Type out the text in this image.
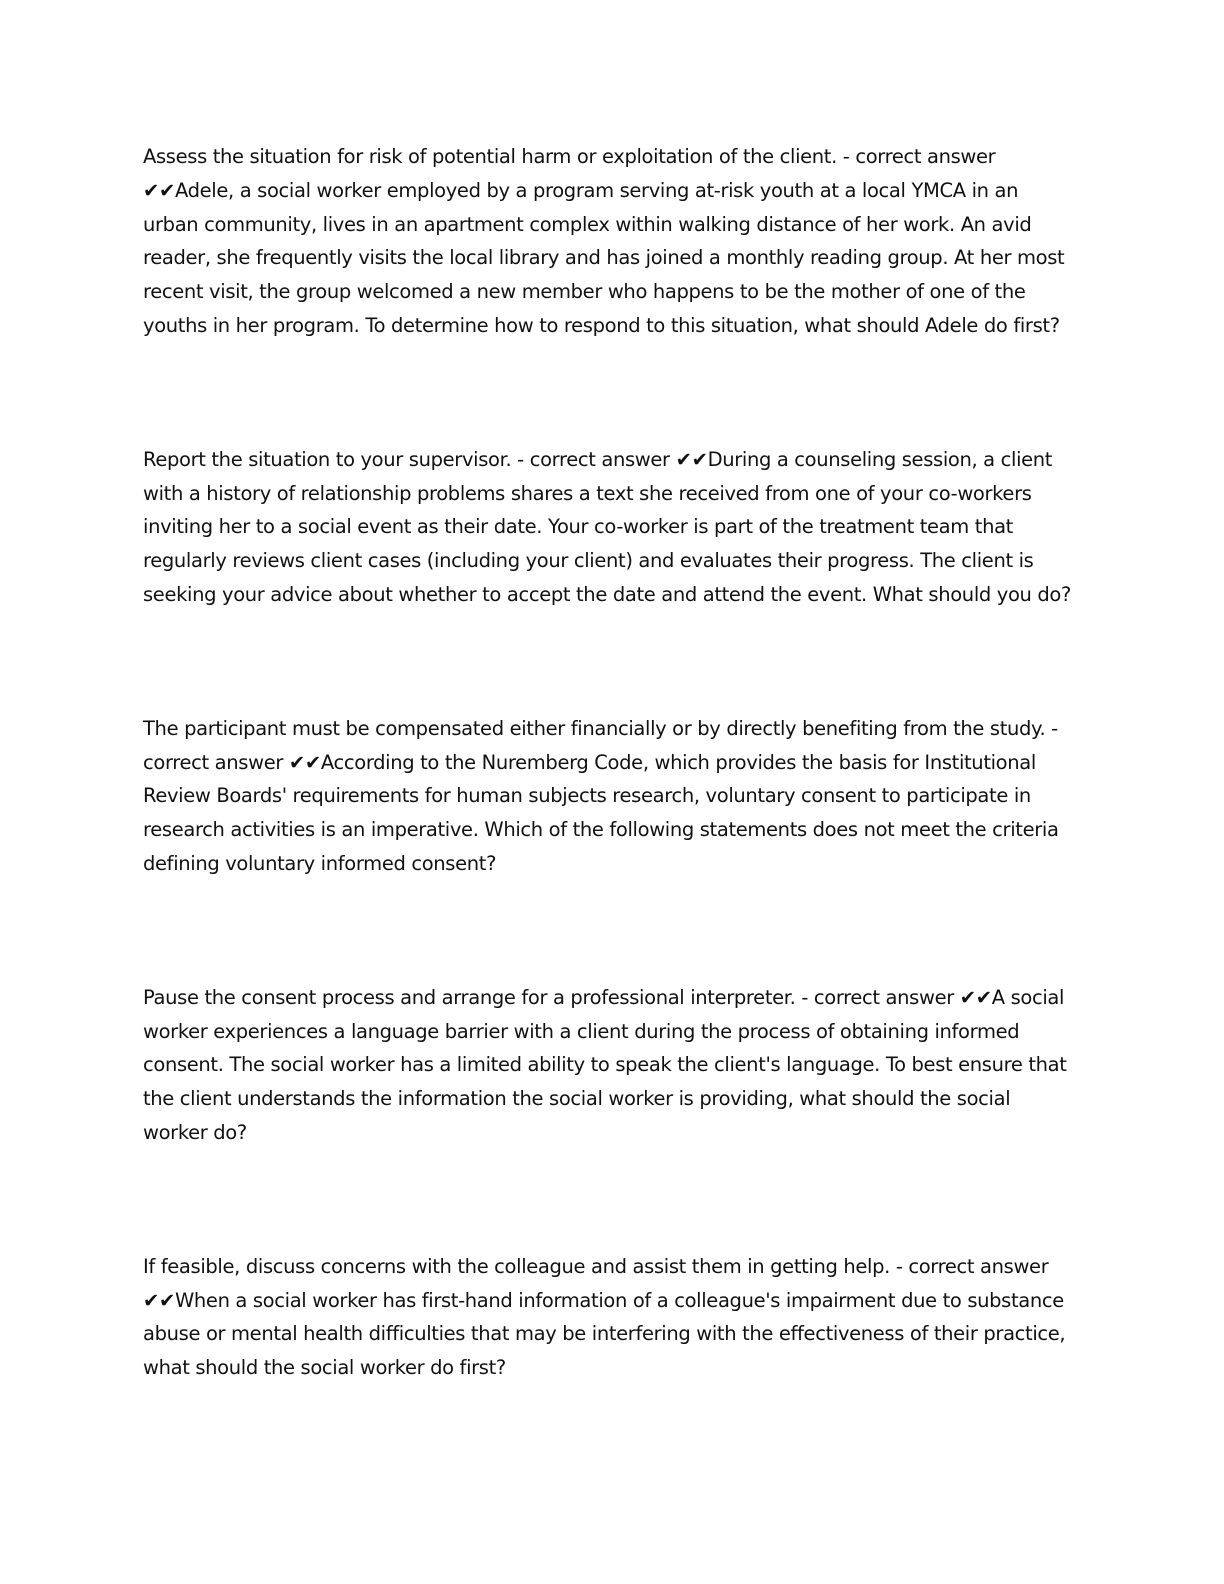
Assess the situation for risk of potential harm or exploitation of the client. - correct answer ✔✔Adele, a social worker employed by a program serving at-risk youth at a local YMCA in an urban community, lives in an apartment complex within walking distance of her work. An avid reader, she frequently visits the local library and has joined a monthly reading group. At her most recent visit, the group welcomed a new member who happens to be the mother of one of the youths in her program. To determine how to respond to this situation, what should Adele do first?

Report the situation to your supervisor. - correct answer ✔✔During a counseling session, a client with a history of relationship problems shares a text she received from one of your co-workers inviting her to a social event as their date. Your co-worker is part of the treatment team that regularly reviews client cases (including your client) and evaluates their progress. The client is seeking your advice about whether to accept the date and attend the event. What should you do?

The participant must be compensated either financially or by directly benefiting from the study. - correct answer ✔✔According to the Nuremberg Code, which provides the basis for Institutional Review Boards' requirements for human subjects research, voluntary consent to participate in research activities is an imperative. Which of the following statements does not meet the criteria defining voluntary informed consent?

Pause the consent process and arrange for a professional interpreter. - correct answer ✔✔A social worker experiences a language barrier with a client during the process of obtaining informed consent. The social worker has a limited ability to speak the client's language. To best ensure that the client understands the information the social worker is providing, what should the social worker do?

If feasible, discuss concerns with the colleague and assist them in getting help. - correct answer ✔✔When a social worker has first-hand information of a colleague's impairment due to substance abuse or mental health difficulties that may be interfering with the effectiveness of their practice, what should the social worker do first?
